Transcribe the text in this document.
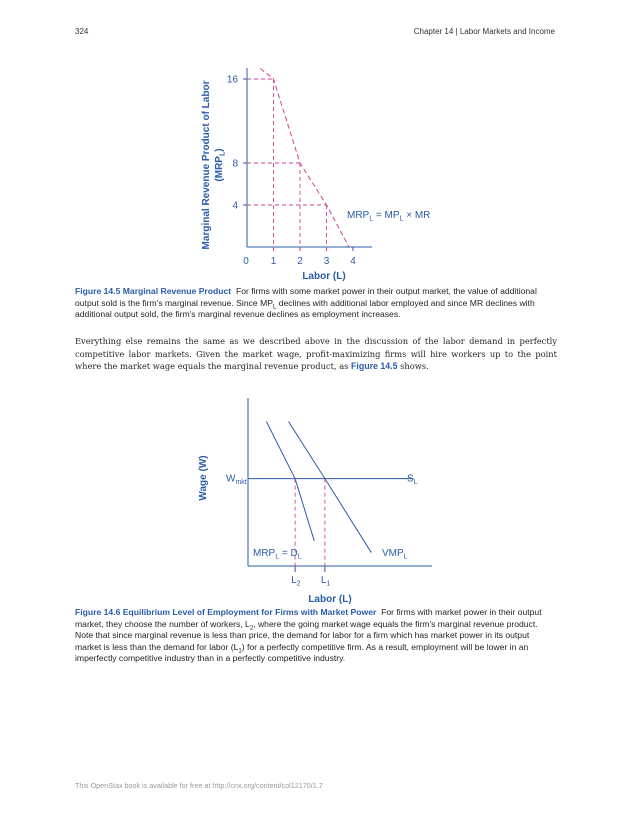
324	Chapter 14 | Labor Markets and Income
16
8
4
0 1 2 3 4
$MRP_L = MP_L$ × MR
Labor (L)
Marginal Revenue Product of Labor $(MRP_L)$
Figure 14.5 Marginal Revenue Product For firms with some market power in their output market, the value of additional output sold is the firm's marginal revenue. Since $MP_L$ declines with additional labor employed and since MR declines with additional output sold, the firm's marginal revenue declines as employment increases.
Everything else remains the same as we described above in the discussion of the labor demand in perfectly competitive labor markets. Given the market wage, profit-maximizing firms will hire workers up to the point where the market wage equals the marginal revenue product, as Figure 14.5 shows.
$L_2$ $L_1$
$W_{mkt}$	$S_L$
$MRP_L = D_L$	$VMP_L$
Labor (L)
Wage (W)
Figure 14.6 Equilibrium Level of Employment for Firms with Market Power For firms with market power in their output market, they choose the number of workers, $L_2$, where the going market wage equals the firm's marginal revenue product. Note that since marginal revenue is less than price, the demand for labor for a firm which has market power in its output market is less than the demand for labor $(L_1)$ for a perfectly competitive firm. As a result, employment will be lower in an imperfectly competitive industry than in a perfectly competitive industry.
This OpenStax book is available for free at http://cnx.org/content/col12170/1.7
